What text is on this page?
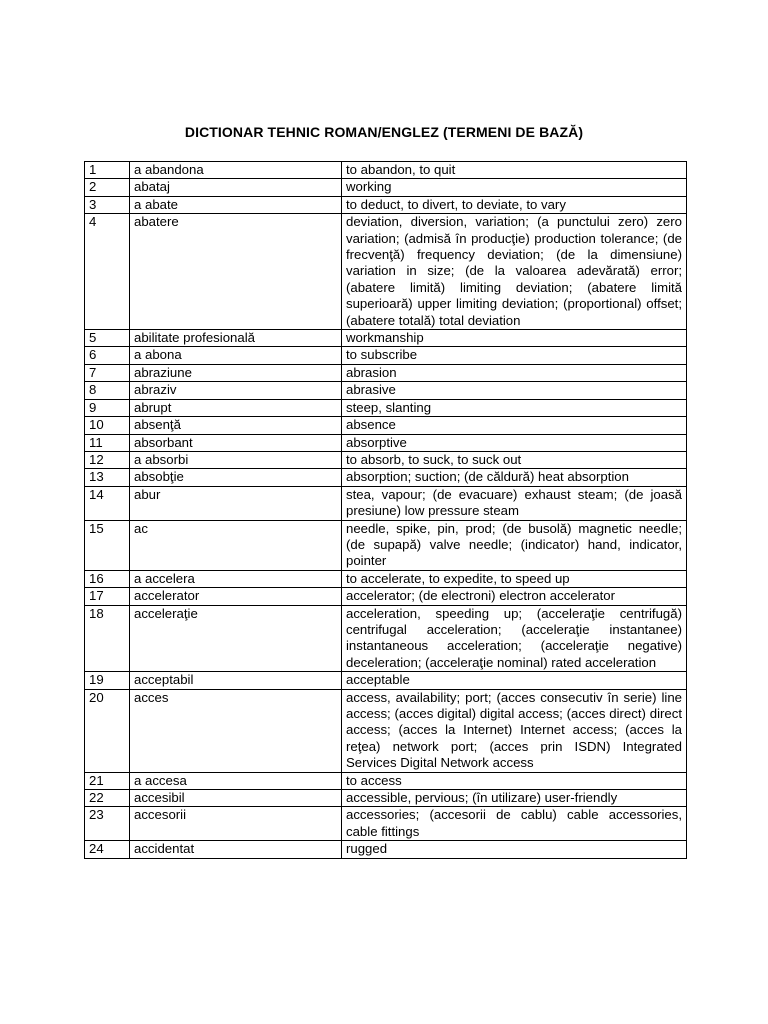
DICTIONAR TEHNIC ROMAN/ENGLEZ (TERMENI DE BAZĂ)
1	a abandona	to abandon, to quit
2	abataj	working
3	a abate	to deduct, to divert, to deviate, to vary
4	abatere	deviation, diversion, variation; (a punctului zero) zero variation; (admisă în producţie) production tolerance; (de frecvenţă) frequency deviation; (de la dimensiune) variation in size; (de la valoarea adevărată) error; (abatere limită) limiting deviation; (abatere limită superioară) upper limiting deviation; (proportional) offset; (abatere totală) total deviation
5	abilitate profesională	workmanship
6	a abona	to subscribe
7	abraziune	abrasion
8	abraziv	abrasive
9	abrupt	steep, slanting
10	absenţă	absence
11	absorbant	absorptive
12	a absorbi	to absorb, to suck, to suck out
13	absobţie	absorption; suction; (de căldură) heat absorption
14	abur	stea, vapour; (de evacuare) exhaust steam; (de joasă presiune) low pressure steam
15	ac	needle, spike, pin, prod; (de busolă) magnetic needle; (de supapă) valve needle; (indicator) hand, indicator, pointer
16	a accelera	to accelerate, to expedite, to speed up
17	accelerator	accelerator; (de electroni) electron accelerator
18	acceleraţie	acceleration, speeding up; (acceleraţie centrifugă) centrifugal acceleration; (acceleraţie instantanee) instantaneous acceleration; (acceleraţie negative) deceleration; (acceleraţie nominal) rated acceleration
19	acceptabil	acceptable
20	acces	access, availability; port; (acces consecutiv în serie) line access; (acces digital) digital access; (acces direct) direct access; (acces la Internet) Internet access; (acces la reţea) network port; (acces prin ISDN) Integrated Services Digital Network access
21	a accesa	to access
22	accesibil	accessible, pervious; (în utilizare) user-friendly
23	accesorii	accessories; (accesorii de cablu) cable accessories, cable fittings
24	accidentat	rugged
